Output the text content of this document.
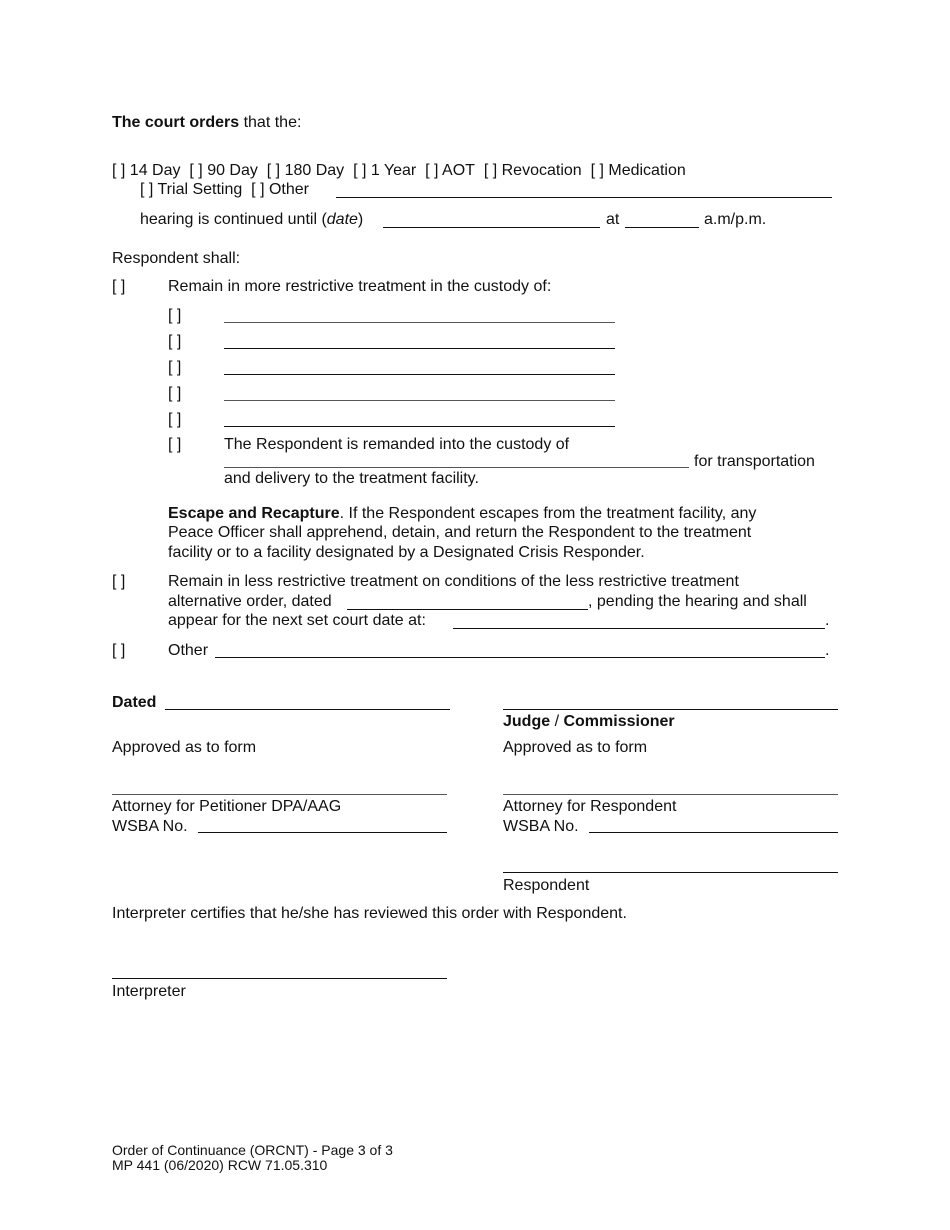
The court orders that the:
[ ] 14 Day [ ] 90 Day [ ] 180 Day [ ] 1 Year [ ] AOT [ ] Revocation [ ] Medication
[ ] Trial Setting [ ] Other
hearing is continued until (date)	at	a.m/p.m.
Respondent shall:
[ ]	Remain in more restrictive treatment in the custody of:
[ ]
[ ]
[ ]
[ ]
[ ]
[ ]	The Respondent is remanded into the custody of
for transportation
and delivery to the treatment facility.
Escape and Recapture. If the Respondent escapes from the treatment facility, any
Peace Officer shall apprehend, detain, and return the Respondent to the treatment
facility or to a facility designated by a Designated Crisis Responder.
[ ]	Remain in less restrictive treatment on conditions of the less restrictive treatment
alternative order, dated	, pending the hearing and shall
appear for the next set court date at:	.
[ ]	Other	.
Dated
Judge / Commissioner
Approved as to form	Approved as to form
Attorney for Petitioner DPA/AAG
WSBA No.
Attorney for Respondent
WSBA No.
Respondent
Interpreter certifies that he/she has reviewed this order with Respondent.
Interpreter
Order of Continuance (ORCNT) - Page 3 of 3
MP 441 (06/2020) RCW 71.05.310
